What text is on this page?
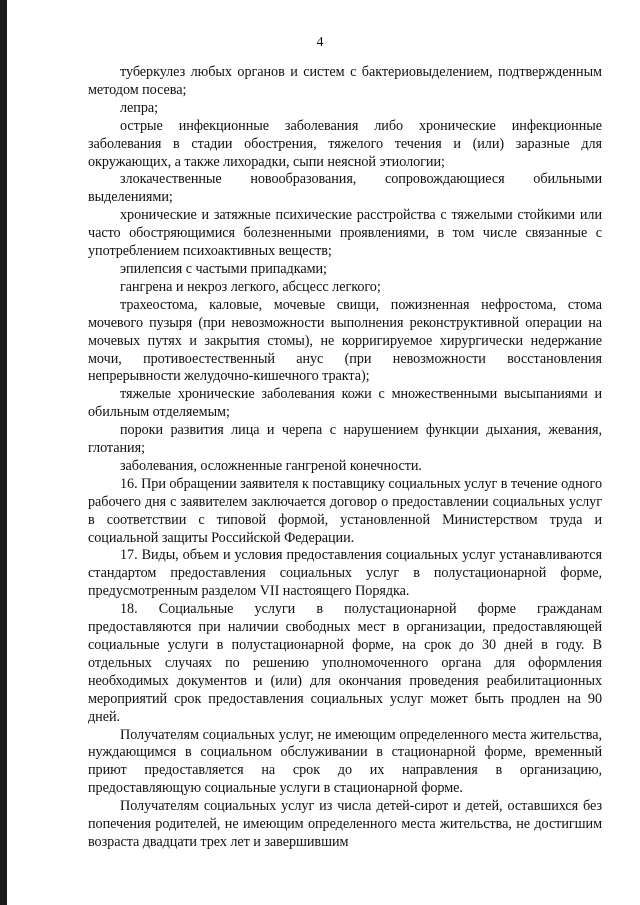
4

туберкулез любых органов и систем с бактериовыделением, подтвержденным методом посева;

лепра;

острые инфекционные заболевания либо хронические инфекционные заболевания в стадии обострения, тяжелого течения и (или) заразные для окружающих, а также лихорадки, сыпи неясной этиологии;

злокачественные новообразования, сопровождающиеся обильными выделениями;

хронические и затяжные психические расстройства с тяжелыми стойкими или часто обостряющимися болезненными проявлениями, в том числе связанные с употреблением психоактивных веществ;

эпилепсия с частыми припадками;

гангрена и некроз легкого, абсцесс легкого;

трахеостома, каловые, мочевые свищи, пожизненная нефростома, стома мочевого пузыря (при невозможности выполнения реконструктивной операции на мочевых путях и закрытия стомы), не корригируемое хирургически недержание мочи, противоестественный анус (при невозможности восстановления непрерывности желудочно-кишечного тракта);

тяжелые хронические заболевания кожи с множественными высыпаниями и обильным отделяемым;

пороки развития лица и черепа с нарушением функции дыхания, жевания, глотания;

заболевания, осложненные гангреной конечности.

16. При обращении заявителя к поставщику социальных услуг в течение одного рабочего дня с заявителем заключается договор о предоставлении социальных услуг в соответствии с типовой формой, установленной Министерством труда и социальной защиты Российской Федерации.

17. Виды, объем и условия предоставления социальных услуг устанавливаются стандартом предоставления социальных услуг в полустационарной форме, предусмотренным разделом VII настоящего Порядка.

18. Социальные услуги в полустационарной форме гражданам предоставляются при наличии свободных мест в организации, предоставляющей социальные услуги в полустационарной форме, на срок до 30 дней в году. В отдельных случаях по решению уполномоченного органа для оформления необходимых документов и (или) для окончания проведения реабилитационных мероприятий срок предоставления социальных услуг может быть продлен на 90 дней.

Получателям социальных услуг, не имеющим определенного места жительства, нуждающимся в социальном обслуживании в стационарной форме, временный приют предоставляется на срок до их направления в организацию, предоставляющую социальные услуги в стационарной форме.

Получателям социальных услуг из числа детей-сирот и детей, оставшихся без попечения родителей, не имеющим определенного места жительства, не достигшим возраста двадцати трех лет и завершившим
